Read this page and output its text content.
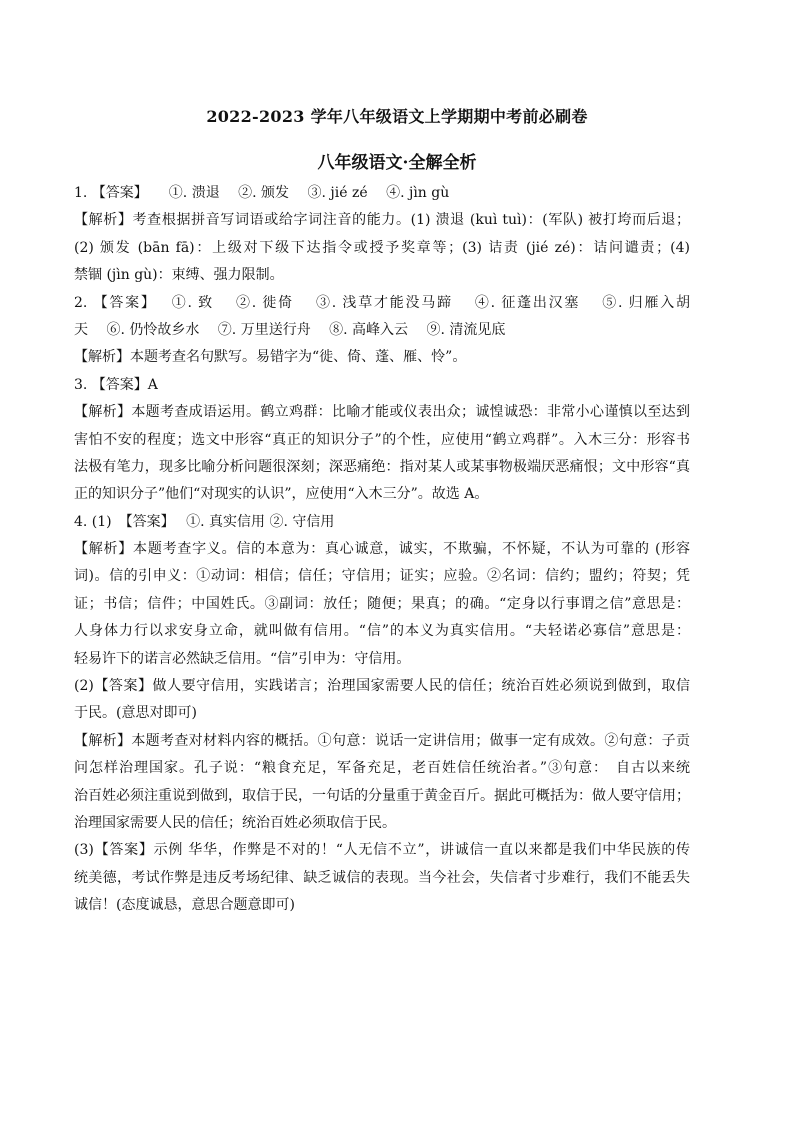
2022-2023 学年八年级语文上学期期中考前必刷卷
八年级语文·全解全析
1. 【答案】　　①. 溃退　 ②. 颁发　 ③. jié zé　 ④. jìn gù
【解析】考查根据拼音写词语或给字词注音的能力。(1) 溃退 (kuì tuì)：(军队) 被打垮而后退；
(2) 颁发 (bān fā)：上级对下级下达指令或授予奖章等；(3) 诘责 (jié zé)：诘问谴责；(4)
禁锢 (jìn gù)：束缚、强力限制。
2. 【答案】　 ①. 致　 ②. 徙倚　 ③. 浅草才能没马蹄　 ④. 征蓬出汉塞　 ⑤. 归雁入胡
天　 ⑥. 仍怜故乡水　 ⑦. 万里送行舟　 ⑧. 高峰入云　 ⑨. 清流见底
【解析】本题考查名句默写。易错字为“徙、倚、蓬、雁、怜”。
3. 【答案】A
【解析】本题考查成语运用。鹤立鸡群：比喻才能或仪表出众；诚惶诚恐：非常小心谨慎以至达到
害怕不安的程度；选文中形容“真正的知识分子”的个性，应使用“鹤立鸡群”。入木三分：形容书
法极有笔力，现多比喻分析问题很深刻；深恶痛绝：指对某人或某事物极端厌恶痛恨；文中形容“真
正的知识分子”他们“对现实的认识”，应使用“入木三分”。故选 A。
4. (1)　【答案】　 ①. 真实信用 ②. 守信用
【解析】本题考查字义。信的本意为：真心诚意，诚实，不欺骗，不怀疑，不认为可靠的 (形容
词)。信的引申义：①动词：相信；信任；守信用；证实；应验。②名词：信约；盟约；符契；凭
证；书信；信件；中国姓氏。③副词：放任；随便；果真；的确。“定身以行事谓之信”意思是：
人身体力行以求安身立命，就叫做有信用。“信”的本义为真实信用。“夫轻诺必寡信”意思是：
轻易许下的诺言必然缺乏信用。“信”引申为：守信用。
(2)【答案】做人要守信用，实践诺言；治理国家需要人民的信任；统治百姓必须说到做到，取信
于民。(意思对即可)
【解析】本题考查对材料内容的概括。①句意：说话一定讲信用；做事一定有成效。②句意：子贡
问怎样治理国家。孔子说：“粮食充足，军备充足，老百姓信任统治者。”③句意：　自古以来统
治百姓必须注重说到做到，取信于民，一句话的分量重于黄金百斤。据此可概括为：做人要守信用；
治理国家需要人民的信任；统治百姓必须取信于民。
(3)【答案】示例 华华，作弊是不对的！“人无信不立”，讲诚信一直以来都是我们中华民族的传
统美德，考试作弊是违反考场纪律、缺乏诚信的表现。当今社会，失信者寸步难行，我们不能丢失
诚信！(态度诚恳，意思合题意即可)
